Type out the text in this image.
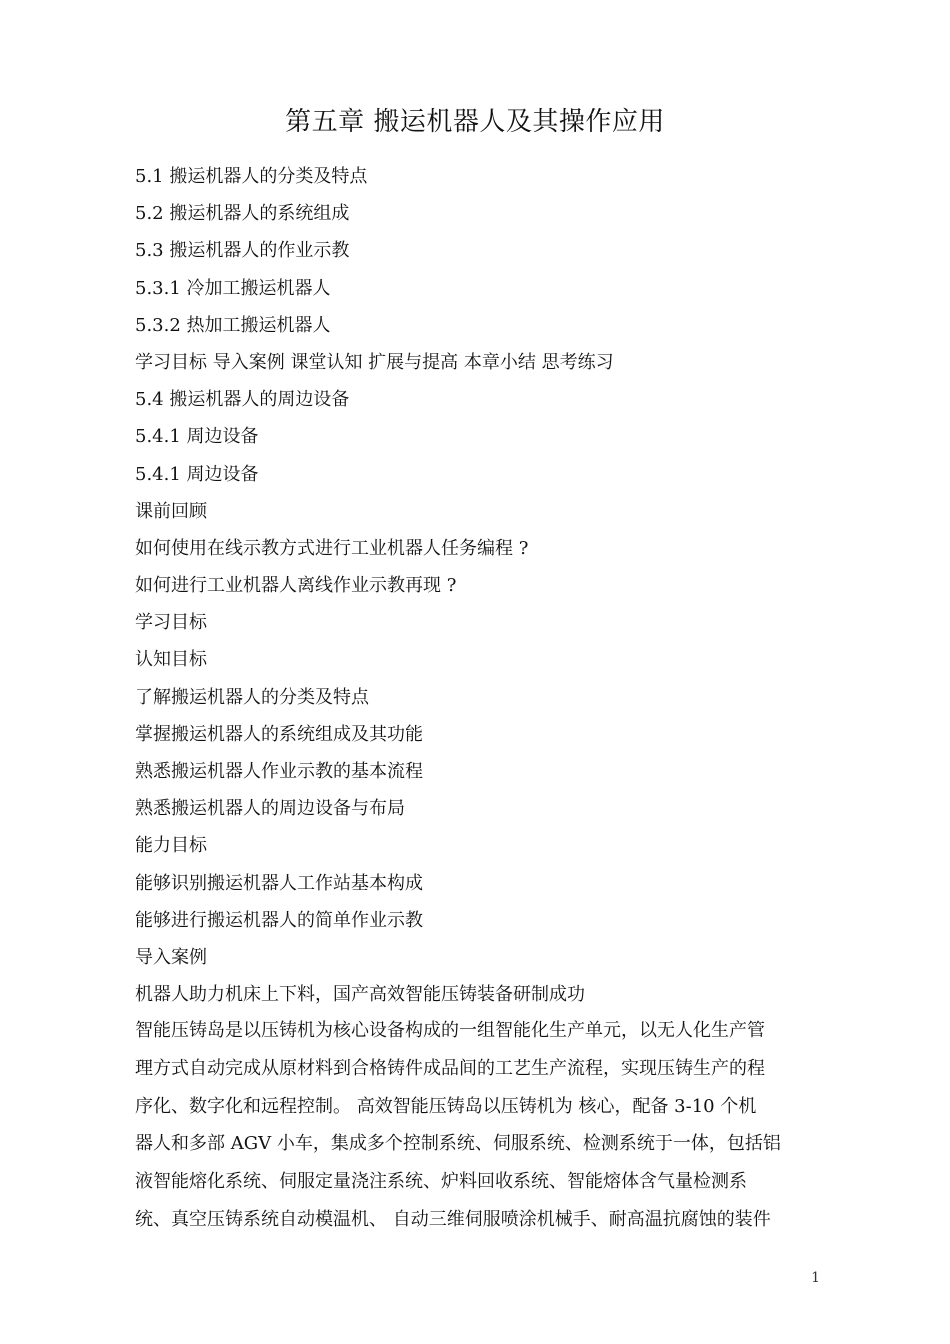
第五章 搬运机器人及其操作应用
5.1 搬运机器人的分类及特点
5.2 搬运机器人的系统组成
5.3 搬运机器人的作业示教
5.3.1 冷加工搬运机器人
5.3.2 热加工搬运机器人
学习目标 导入案例 课堂认知 扩展与提高 本章小结 思考练习
5.4 搬运机器人的周边设备
5.4.1 周边设备
5.4.1 周边设备
课前回顾
如何使用在线示教方式进行工业机器人任务编程 ?
如何进行工业机器人离线作业示教再现 ?
学习目标
认知目标
了解搬运机器人的分类及特点
掌握搬运机器人的系统组成及其功能
熟悉搬运机器人作业示教的基本流程
熟悉搬运机器人的周边设备与布局
能力目标
能够识别搬运机器人工作站基本构成
能够进行搬运机器人的简单作业示教
导入案例
机器人助力机床上下料，国产高效智能压铸装备研制成功
智能压铸岛是以压铸机为核心设备构成的一组智能化生产单元，以无人化生产管
理方式自动完成从原材料到合格铸件成品间的工艺生产流程，实现压铸生产的程
序化、数字化和远程控制。 高效智能压铸岛以压铸机为 核心，配备 3-10 个机
器人和多部 AGV 小车，集成多个控制系统、伺服系统、检测系统于一体，包括铝
液智能熔化系统、伺服定量浇注系统、炉料回收系统、智能熔体含气量检测系
统、真空压铸系统自动模温机、 自动三维伺服喷涂机械手、耐高温抗腐蚀的装件
1
